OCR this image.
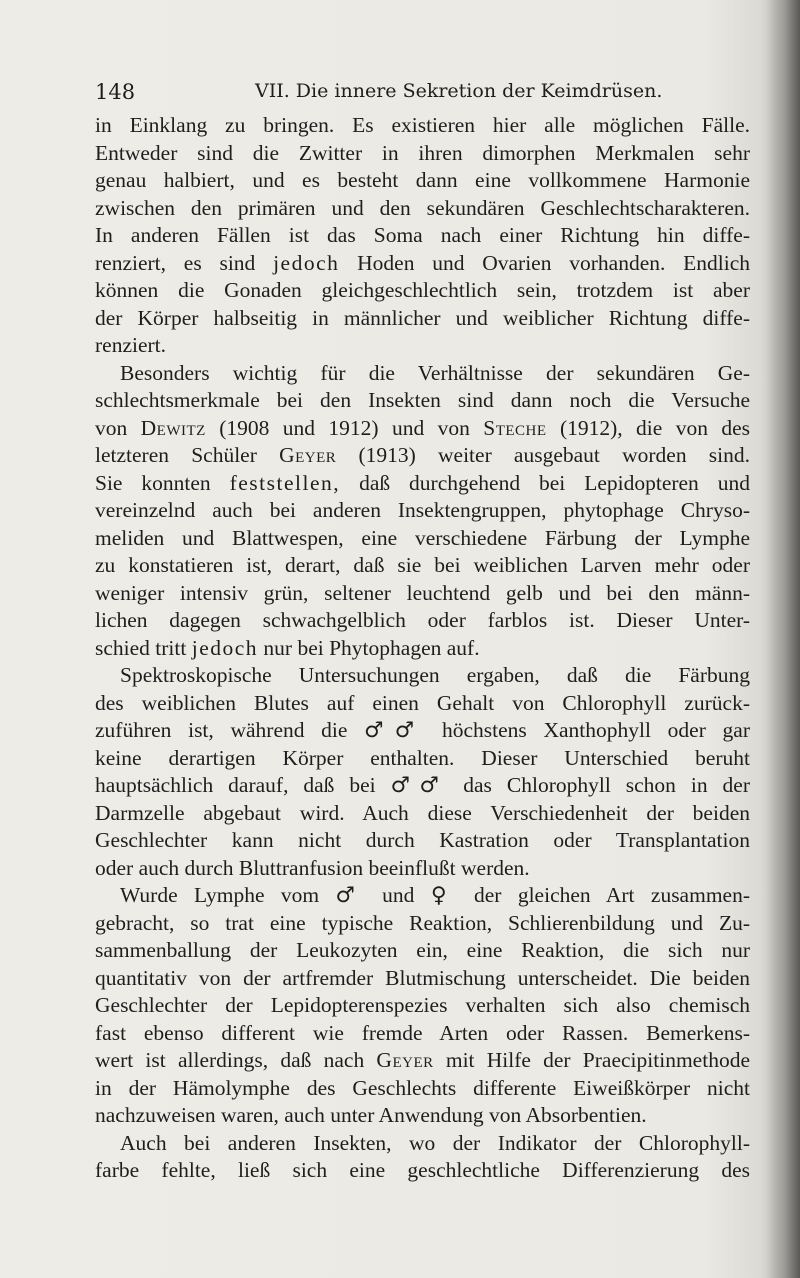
148	VII. Die innere Sekretion der Keimdrüsen.
in Einklang zu bringen. Es existieren hier alle möglichen Fälle.
Entweder sind die Zwitter in ihren dimorphen Merkmalen sehr
genau halbiert, und es besteht dann eine vollkommene Harmonie
zwischen den primären und den sekundären Geschlechtscharakteren.
In anderen Fällen ist das Soma nach einer Richtung hin diffe-
renziert, es sind jedoch Hoden und Ovarien vorhanden. Endlich
können die Gonaden gleichgeschlechtlich sein, trotzdem ist aber
der Körper halbseitig in männlicher und weiblicher Richtung diffe-
renziert.
Besonders wichtig für die Verhältnisse der sekundären Ge-
schlechtsmerkmale bei den Insekten sind dann noch die Versuche
von Dewitz (1908 und 1912) und von Steche (1912), die von des
letzteren Schüler Geyer (1913) weiter ausgebaut worden sind.
Sie konnten feststellen, daß durchgehend bei Lepidopteren und
vereinzelnd auch bei anderen Insektengruppen, phytophage Chryso-
meliden und Blattwespen, eine verschiedene Färbung der Lymphe
zu konstatieren ist, derart, daß sie bei weiblichen Larven mehr oder
weniger intensiv grün, seltener leuchtend gelb und bei den männ-
lichen dagegen schwachgelblich oder farblos ist. Dieser Unter-
schied tritt jedoch nur bei Phytophagen auf.
Spektroskopische Untersuchungen ergaben, daß die Färbung
des weiblichen Blutes auf einen Gehalt von Chlorophyll zurück-
zuführen ist, während die ♂♂ höchstens Xanthophyll oder gar
keine derartigen Körper enthalten. Dieser Unterschied beruht
hauptsächlich darauf, daß bei ♂♂ das Chlorophyll schon in der
Darmzelle abgebaut wird. Auch diese Verschiedenheit der beiden
Geschlechter kann nicht durch Kastration oder Transplantation
oder auch durch Bluttranfusion beeinflußt werden.
Wurde Lymphe vom ♂ und ♀ der gleichen Art zusammen-
gebracht, so trat eine typische Reaktion, Schlierenbildung und Zu-
sammenballung der Leukozyten ein, eine Reaktion, die sich nur
quantitativ von der artfremder Blutmischung unterscheidet. Die beiden
Geschlechter der Lepidopterenspezies verhalten sich also chemisch
fast ebenso different wie fremde Arten oder Rassen. Bemerkens-
wert ist allerdings, daß nach Geyer mit Hilfe der Praecipitinmethode
in der Hämolymphe des Geschlechts differente Eiweißkörper nicht
nachzuweisen waren, auch unter Anwendung von Absorbentien.
Auch bei anderen Insekten, wo der Indikator der Chlorophyll-
farbe fehlte, ließ sich eine geschlechtliche Differenzierung des
